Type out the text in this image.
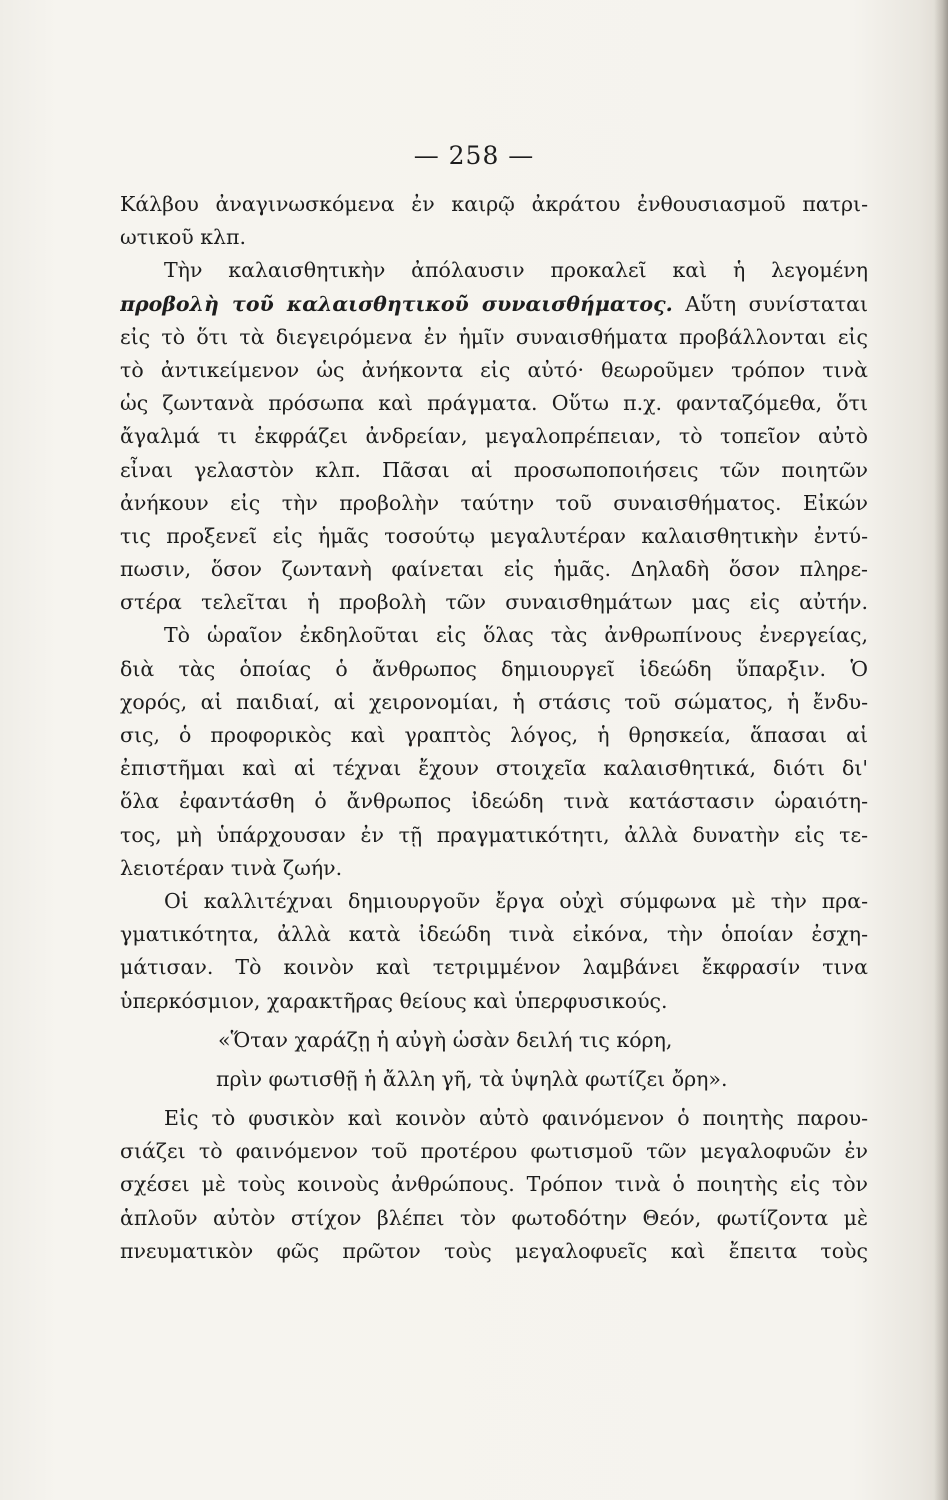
— 258 —
Κάλβου ἀναγινωσκόμενα ἐν καιρῷ ἀκράτου ἐνθουσιασμοῦ πατρι-
ωτικοῦ κλπ.
Τὴν καλαισθητικὴν ἀπόλαυσιν προκαλεῖ καὶ ἡ λεγομένη
προβολὴ τοῦ καλαισθητικοῦ συναισθήματος. Αὕτη συνίσταται
εἰς τὸ ὅτι τὰ διεγειρόμενα ἐν ἡμῖν συναισθήματα προβάλλονται εἰς
τὸ ἀντικείμενον ὡς ἀνήκοντα εἰς αὐτό· θεωροῦμεν τρόπον τινὰ
ὡς ζωντανὰ πρόσωπα καὶ πράγματα. Οὕτω π.χ. φανταζόμεθα, ὅτι
ἄγαλμά τι ἐκφράζει ἀνδρείαν, μεγαλοπρέπειαν, τὸ τοπεῖον αὐτὸ
εἶναι γελαστὸν κλπ. Πᾶσαι αἱ προσωποποιήσεις τῶν ποιητῶν
ἀνήκουν εἰς τὴν προβολὴν ταύτην τοῦ συναισθήματος. Εἰκών
τις προξενεῖ εἰς ἡμᾶς τοσούτῳ μεγαλυτέραν καλαισθητικὴν ἐντύ-
πωσιν, ὅσον ζωντανὴ φαίνεται εἰς ἡμᾶς. Δηλαδὴ ὅσον πληρε-
στέρα τελεῖται ἡ προβολὴ τῶν συναισθημάτων μας εἰς αὐτήν.
Τὸ ὡραῖον ἐκδηλοῦται εἰς ὅλας τὰς ἀνθρωπίνους ἐνεργείας,
διὰ τὰς ὁποίας ὁ ἄνθρωπος δημιουργεῖ ἰδεώδη ὕπαρξιν. Ὁ
χορός, αἱ παιδιαί, αἱ χειρονομίαι, ἡ στάσις τοῦ σώματος, ἡ ἔνδυ-
σις, ὁ προφορικὸς καὶ γραπτὸς λόγος, ἡ θρησκεία, ἅπασαι αἱ
ἐπιστῆμαι καὶ αἱ τέχναι ἔχουν στοιχεῖα καλαισθητικά, διότι δι'
ὅλα ἐφαντάσθη ὁ ἄνθρωπος ἰδεώδη τινὰ κατάστασιν ὡραιότη-
τος, μὴ ὑπάρχουσαν ἐν τῇ πραγματικότητι, ἀλλὰ δυνατὴν εἰς τε-
λειοτέραν τινὰ ζωήν.
Οἱ καλλιτέχναι δημιουργοῦν ἔργα οὐχὶ σύμφωνα μὲ τὴν πρα-
γματικότητα, ἀλλὰ κατὰ ἰδεώδη τινὰ εἰκόνα, τὴν ὁποίαν ἐσχη-
μάτισαν. Τὸ κοινὸν καὶ τετριμμένον λαμβάνει ἔκφρασίν τινα
ὑπερκόσμιον, χαρακτῆρας θείους καὶ ὑπερφυσικούς.
«Ὅταν χαράζῃ ἡ αὐγὴ ὡσὰν δειλή τις κόρη,
πρὶν φωτισθῇ ἡ ἄλλη γῆ, τὰ ὑψηλὰ φωτίζει ὄρη».
Εἰς τὸ φυσικὸν καὶ κοινὸν αὐτὸ φαινόμενον ὁ ποιητὴς παρου-
σιάζει τὸ φαινόμενον τοῦ προτέρου φωτισμοῦ τῶν μεγαλοφυῶν ἐν
σχέσει μὲ τοὺς κοινοὺς ἀνθρώπους. Τρόπον τινὰ ὁ ποιητὴς εἰς τὸν
ἁπλοῦν αὐτὸν στίχον βλέπει τὸν φωτοδότην Θεόν, φωτίζοντα μὲ
πνευματικὸν φῶς πρῶτον τοὺς μεγαλοφυεῖς καὶ ἔπειτα τοὺς
